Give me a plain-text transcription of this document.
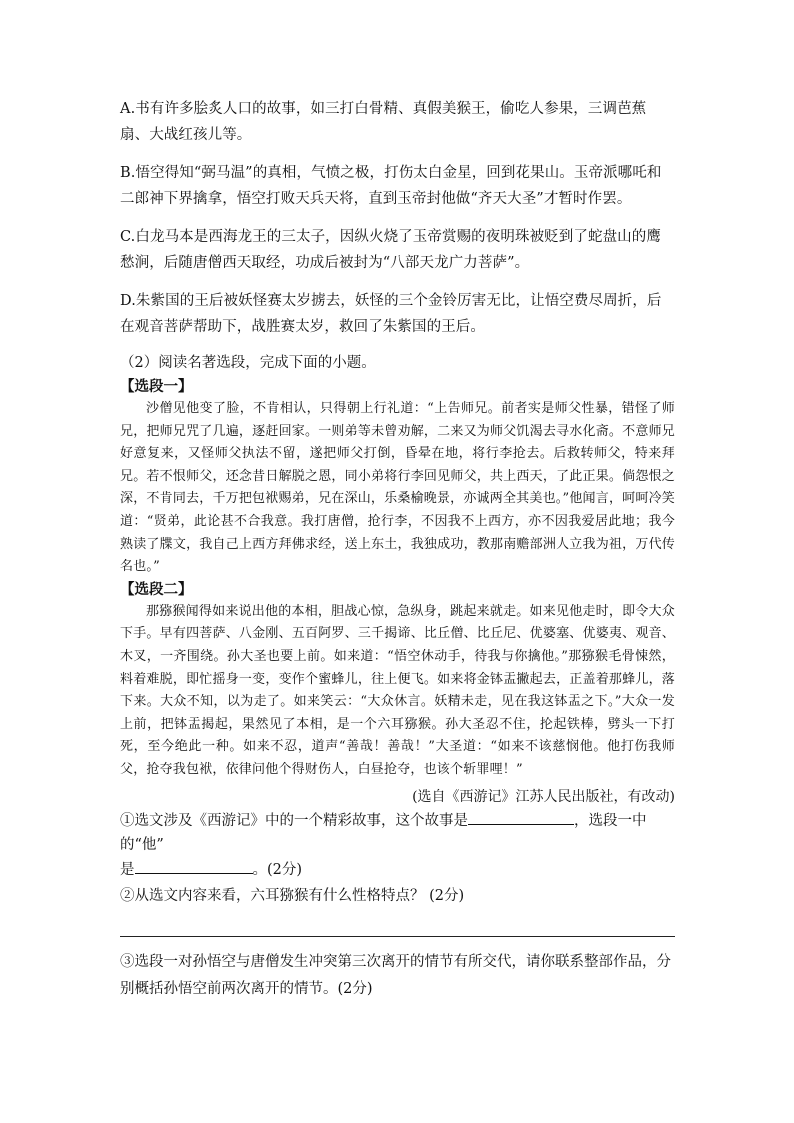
A.书有许多脍炙人口的故事，如三打白骨精、真假美猴王，偷吃人参果，三调芭蕉扇、大战红孩儿等。

B.悟空得知“弼马温”的真相，气愤之极，打伤太白金星，回到花果山。玉帝派哪吒和二郎神下界擒拿，悟空打败天兵天将，直到玉帝封他做“齐天大圣”才暂时作罢。

C.白龙马本是西海龙王的三太子，因纵火烧了玉帝赏赐的夜明珠被贬到了蛇盘山的鹰愁涧，后随唐僧西天取经，功成后被封为“八部天龙广力菩萨”。

D.朱紫国的王后被妖怪赛太岁掳去，妖怪的三个金铃厉害无比，让悟空费尽周折，后在观音菩萨帮助下，战胜赛太岁，救回了朱紫国的王后。

（2）阅读名著选段，完成下面的小题。

【选段一】

沙僧见他变了脸，不肯相认，只得朝上行礼道：“上告师兄。前者实是师父性暴，错怪了师兄，把师兄咒了几遍，逐赶回家。一则弟等未曾劝解，二来又为师父饥渴去寻水化斋。不意师兄好意复来，又怪师父执法不留，遂把师父打倒，昏晕在地，将行李抢去。后救转师父，特来拜兄。若不恨师父，还念昔日解脱之恩，同小弟将行李回见师父，共上西天，了此正果。倘怨恨之深，不肯同去，千万把包袱赐弟，兄在深山，乐桑榆晚景，亦诚两全其美也。”他闻言，呵呵冷笑道：“贤弟，此论甚不合我意。我打唐僧，抢行李，不因我不上西方，亦不因我爱居此地；我今熟读了牒文，我自己上西方拜佛求经，送上东土，我独成功，教那南赡部洲人立我为祖，万代传名也。”

【选段二】

那猕猴闻得如来说出他的本相，胆战心惊，急纵身，跳起来就走。如来见他走时，即令大众下手。早有四菩萨、八金刚、五百阿罗、三千揭谛、比丘僧、比丘尼、优婆塞、优婆夷、观音、木叉，一齐围绕。孙大圣也要上前。如来道：“悟空休动手，待我与你擒他。”那猕猴毛骨悚然，料着难脱，即忙摇身一变，变作个蜜蜂儿，往上便飞。如来将金钵盂撇起去，正盖着那蜂儿，落下来。大众不知，以为走了。如来笑云：“大众休言。妖精未走，见在我这钵盂之下。”大众一发上前，把钵盂揭起，果然见了本相，是一个六耳猕猴。孙大圣忍不住，抡起铁棒，劈头一下打死，至今绝此一种。如来不忍，道声“善哉！善哉！”大圣道：“如来不该慈悯他。他打伤我师父，抢夺我包袱，依律问他个得财伤人，白昼抢夺，也该个斩罪哩！”

(选自《西游记》江苏人民出版社，有改动)

①选文涉及《西游记》中的一个精彩故事，这个故事是	，选段一中的“他”
是	。(2分)

②从选文内容来看，六耳猕猴有什么性格特点？ (2分)

③选段一对孙悟空与唐僧发生冲突第三次离开的情节有所交代，请你联系整部作品，分别概括孙悟空前两次离开的情节。(2分)
